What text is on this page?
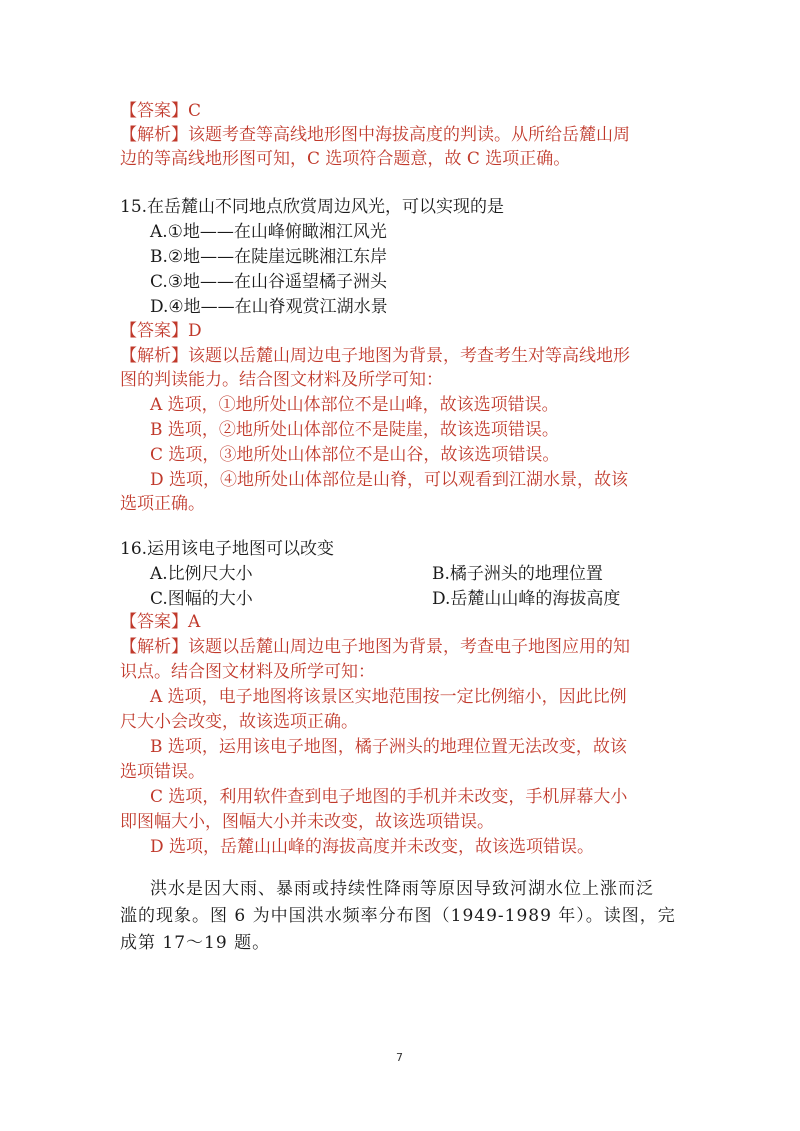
【答案】C
【解析】该题考查等高线地形图中海拔高度的判读。从所给岳麓山周
边的等高线地形图可知，C 选项符合题意，故 C 选项正确。
15.在岳麓山不同地点欣赏周边风光，可以实现的是
A.①地——在山峰俯瞰湘江风光
B.②地——在陡崖远眺湘江东岸
C.③地——在山谷遥望橘子洲头
D.④地——在山脊观赏江湖水景
【答案】D
【解析】该题以岳麓山周边电子地图为背景，考查考生对等高线地形
图的判读能力。结合图文材料及所学可知：
A 选项，①地所处山体部位不是山峰，故该选项错误。
B 选项，②地所处山体部位不是陡崖，故该选项错误。
C 选项，③地所处山体部位不是山谷，故该选项错误。
D 选项，④地所处山体部位是山脊，可以观看到江湖水景，故该
选项正确。
16.运用该电子地图可以改变
A.比例尺大小	B.橘子洲头的地理位置
C.图幅的大小	D.岳麓山山峰的海拔高度
【答案】A
【解析】该题以岳麓山周边电子地图为背景，考查电子地图应用的知
识点。结合图文材料及所学可知：
A 选项，电子地图将该景区实地范围按一定比例缩小，因此比例
尺大小会改变，故该选项正确。
B 选项，运用该电子地图，橘子洲头的地理位置无法改变，故该
选项错误。
C 选项，利用软件查到电子地图的手机并未改变，手机屏幕大小
即图幅大小，图幅大小并未改变，故该选项错误。
D 选项，岳麓山山峰的海拔高度并未改变，故该选项错误。
洪水是因大雨、暴雨或持续性降雨等原因导致河湖水位上涨而泛
滥的现象。图 6 为中国洪水频率分布图（1949-1989 年）。读图，完
成第 17～19 题。
7
